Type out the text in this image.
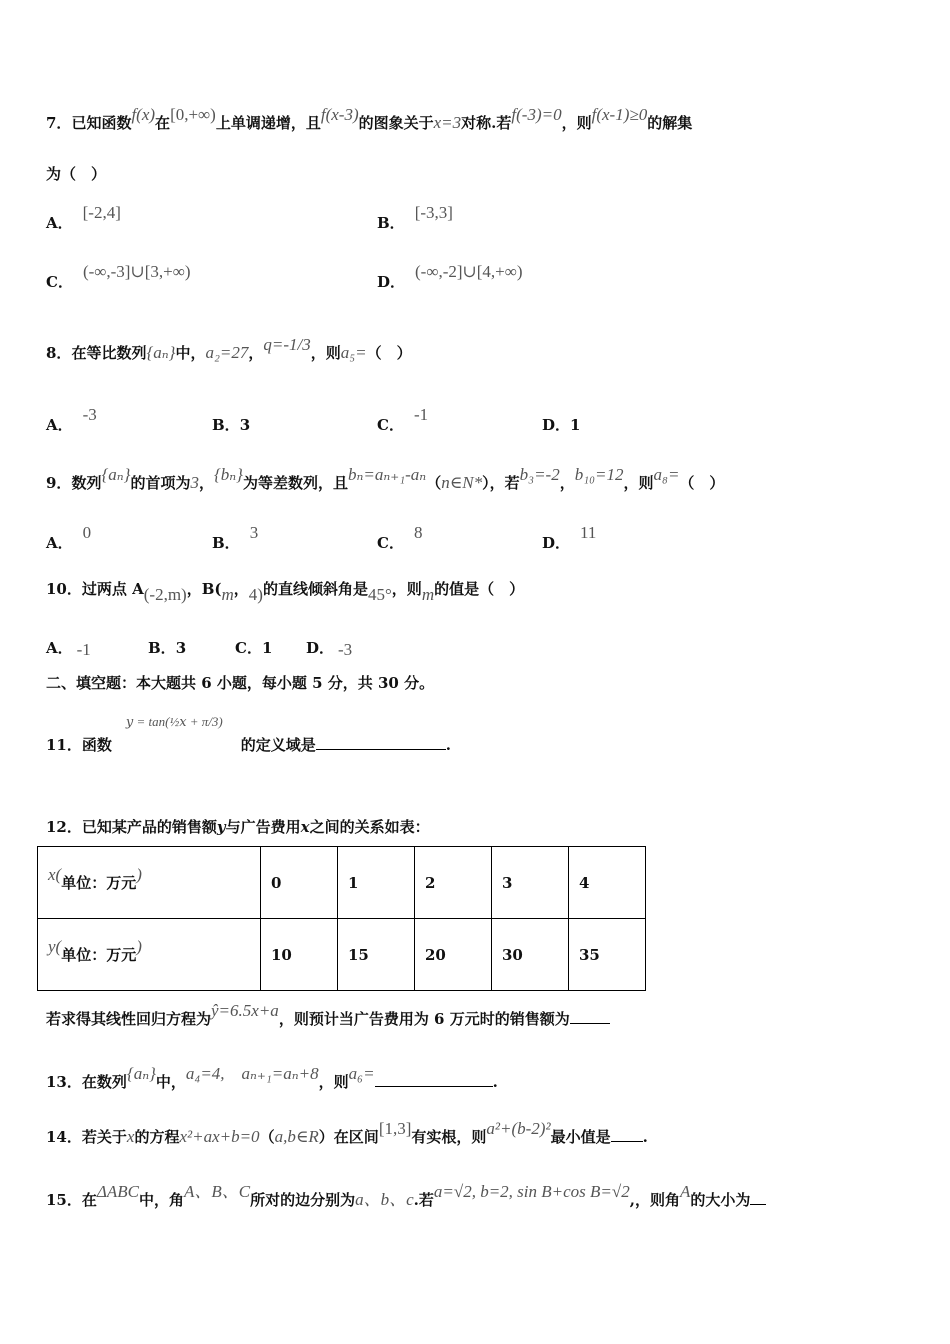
7．已知函数f(x)在[0,+∞)上单调递增，且f(x-3)的图象关于x=3对称.若f(-3)=0，则f(x-1)≥0的解集
为（　）
A．[-2,4]
B．[-3,3]
C．(-∞,-3]∪[3,+∞)
D．(-∞,-2]∪[4,+∞)
8．在等比数列{aₙ}中，a₂=27，q=-1/3，则a₅=（　）
A．-3
B．3	C．-1
D．1
9．数列{aₙ}的首项为3，{bₙ}为等差数列，且bₙ=aₙ₊₁-aₙ（n∈N*），若b₃=-2，b₁₀=12，则a₈=（　）
A．0
B．3
C．8
D．11
10．过两点 A(-2,m)，B(m，4)的直线倾斜角是45°，则m的值是（　）
A． -1	B．3	C．1 D． -3
二、填空题：本大题共 6 小题，每小题 5 分，共 30 分。
11．函数𝑦 = tan(½𝑥 + π/3)的定义域是	.
12．已知某产品的销售额y与广告费用x之间的关系如表：
x(单位：万元)	0	1	2	3	4
y(单位：万元)	10	15	20	30	35
若求得其线性回归方程为ŷ=6.5x+a，则预计当广告费用为 6 万元时的销售额为
13．在数列{aₙ}中，a₄=4,　aₙ₊₁=aₙ+8，则a₆=	.
14．若关于x的方程x²+ax+b=0（a,b∈R）在区间[1,3]有实根，则a²+(b-2)²最小值是 .
15．在ΔABC中，角A、B、C所对的边分别为a、b、c.若a=√2, b=2, sin B+cos B=√2,，则角A的大小为
